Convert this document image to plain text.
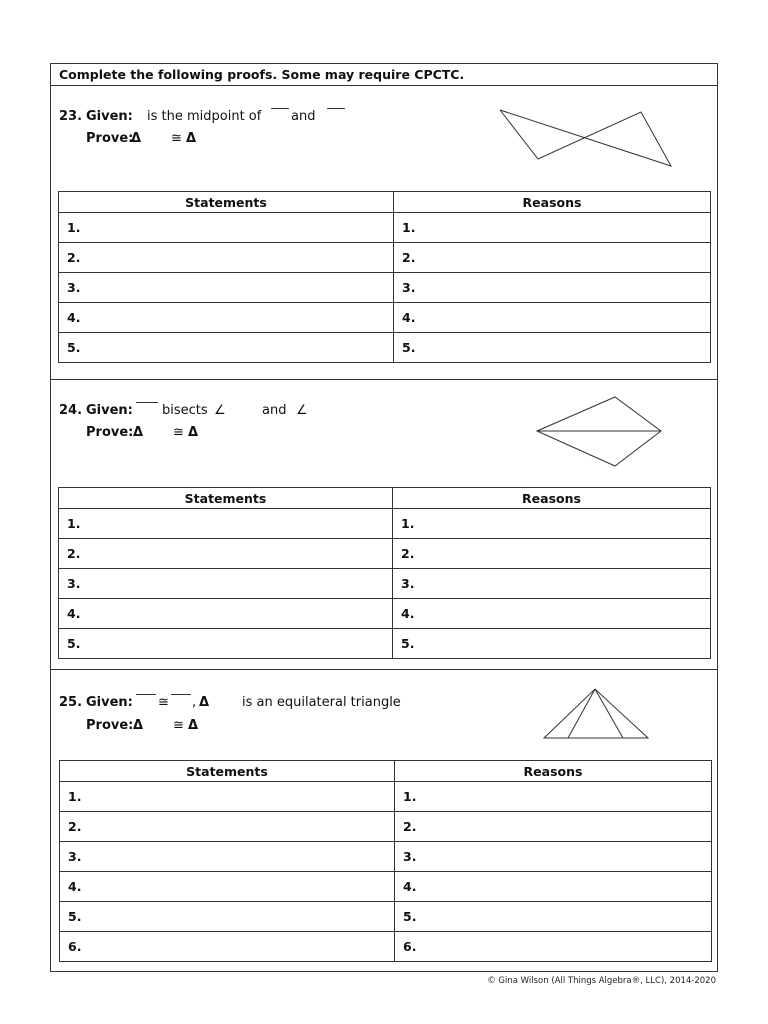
Complete the following proofs. Some may require CPCTC.
23. Given: is the midpoint of and
Prove:
Δ ≅ Δ
Statements	Reasons
1.	1.
2.	2.
3.	3.
4.	4.
5.	5.
24. Given: bisects ∠	and ∠
Prove: Δ ≅ Δ
Statements	Reasons
1.	1.
2.	2.
3.	3.
4.	4.
5.	5.
25. Given: ≅ , Δ	is an equilateral triangle
Prove: Δ ≅ Δ
Statements	Reasons
1.	1.
2.	2.
3.	3.
4.	4.
5.	5.
6.	6.
© Gina Wilson (All Things Algebra®, LLC), 2014-2020
